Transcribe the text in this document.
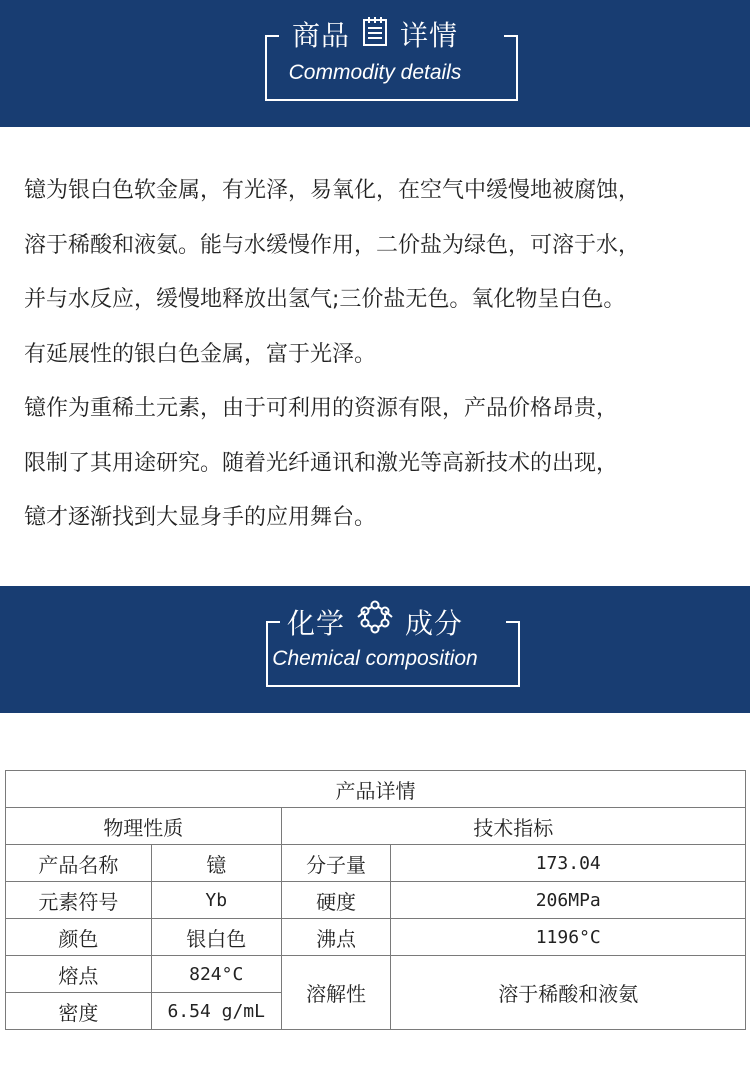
商品 详情
Commodity details
镱为银白色软金属，有光泽，易氧化，在空气中缓慢地被腐蚀，
溶于稀酸和液氨。能与水缓慢作用，二价盐为绿色，可溶于水，
并与水反应，缓慢地释放出氢气;三价盐无色。氧化物呈白色。
有延展性的银白色金属，富于光泽。
镱作为重稀土元素，由于可利用的资源有限，产品价格昂贵，
限制了其用途研究。随着光纤通讯和激光等高新技术的出现，
镱才逐渐找到大显身手的应用舞台。
化学 成分
Chemical composition
产品详情			
物理性质		技术指标	
产品名称	镱	分子量	173.04
元素符号	Yb	硬度	206MPa
颜色	银白色	沸点	1196°C
熔点	824°C	溶解性	溶于稀酸和液氨
密度	6.54 g/mL		
